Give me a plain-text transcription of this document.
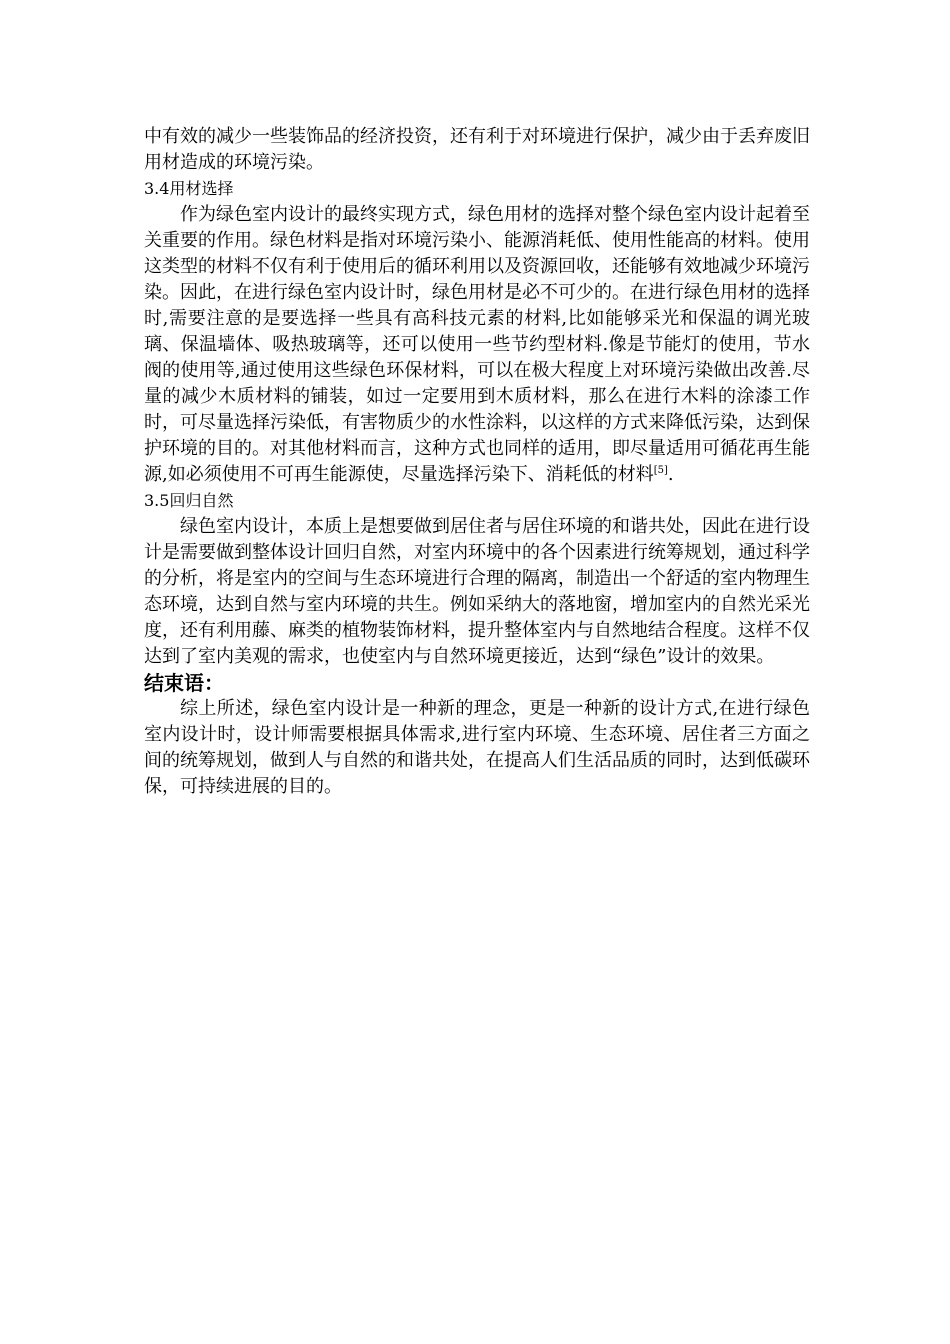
中有效的减少一些装饰品的经济投资，还有利于对环境进行保护，减少由于丢弃废旧用材造成的环境污染。

3.4用材选择

作为绿色室内设计的最终实现方式，绿色用材的选择对整个绿色室内设计起着至关重要的作用。绿色材料是指对环境污染小、能源消耗低、使用性能高的材料。使用这类型的材料不仅有利于使用后的循环利用以及资源回收，还能够有效地减少环境污染。因此，在进行绿色室内设计时，绿色用材是必不可少的。在进行绿色用材的选择时,需要注意的是要选择一些具有高科技元素的材料,比如能够采光和保温的调光玻璃、保温墙体、吸热玻璃等，还可以使用一些节约型材料.像是节能灯的使用，节水阀的使用等,通过使用这些绿色环保材料，可以在极大程度上对环境污染做出改善.尽量的减少木质材料的铺装，如过一定要用到木质材料，那么在进行木料的涂漆工作时，可尽量选择污染低，有害物质少的水性涂料，以这样的方式来降低污染，达到保护环境的目的。对其他材料而言，这种方式也同样的适用，即尽量适用可循花再生能源,如必须使用不可再生能源使，尽量选择污染下、消耗低的材料[5].

3.5回归自然

绿色室内设计，本质上是想要做到居住者与居住环境的和谐共处，因此在进行设计是需要做到整体设计回归自然，对室内环境中的各个因素进行统筹规划，通过科学的分析，将是室内的空间与生态环境进行合理的隔离，制造出一个舒适的室内物理生态环境，达到自然与室内环境的共生。例如采纳大的落地窗，增加室内的自然光采光度，还有利用藤、麻类的植物装饰材料，提升整体室内与自然地结合程度。这样不仅达到了室内美观的需求，也使室内与自然环境更接近，达到“绿色”设计的效果。

结束语：

综上所述，绿色室内设计是一种新的理念，更是一种新的设计方式,在进行绿色室内设计时，设计师需要根据具体需求,进行室内环境、生态环境、居住者三方面之间的统筹规划，做到人与自然的和谐共处，在提高人们生活品质的同时，达到低碳环保，可持续进展的目的。
